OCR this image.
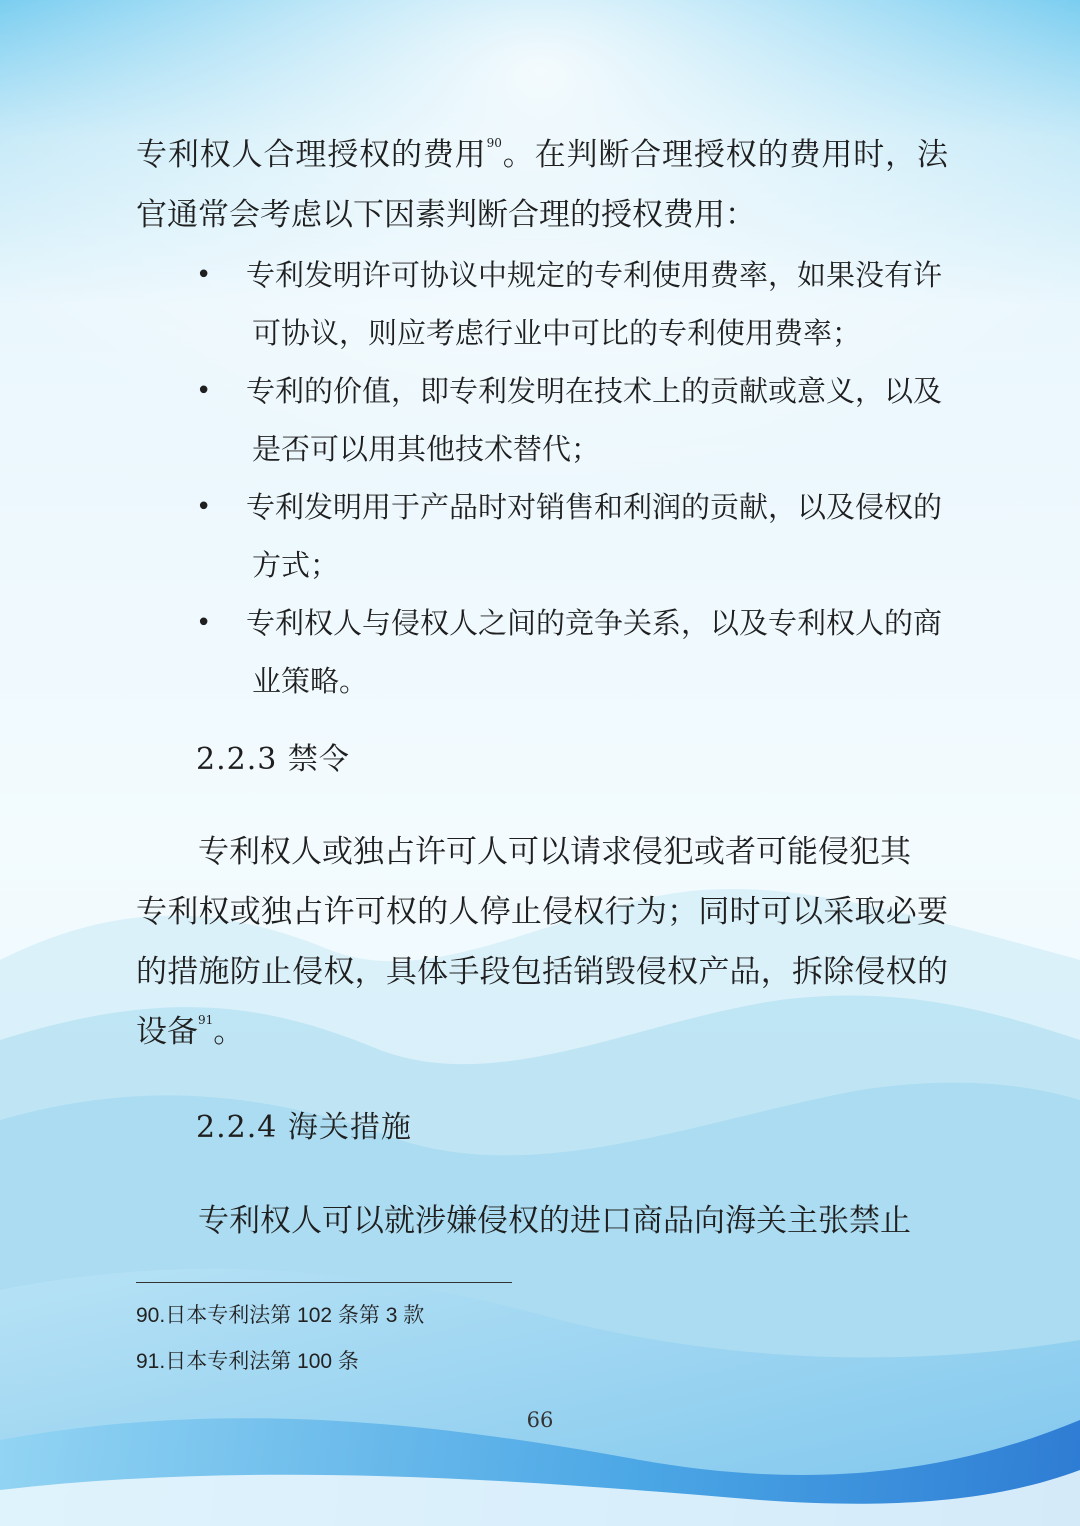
专利权人合理授权的费用$^{90}$。在判断合理授权的费用时，法
官通常会考虑以下因素判断合理的授权费用：

• 专利发明许可协议中规定的专利使用费率，如果没有许
可协议，则应考虑行业中可比的专利使用费率；
• 专利的价值，即专利发明在技术上的贡献或意义，以及
是否可以用其他技术替代；
• 专利发明用于产品时对销售和利润的贡献，以及侵权的
方式；
• 专利权人与侵权人之间的竞争关系，以及专利权人的商
业策略。
2.2.3 禁令

专利权人或独占许可人可以请求侵犯或者可能侵犯其
专利权或独占许可权的人停止侵权行为；同时可以采取必要
的措施防止侵权，具体手段包括销毁侵权产品，拆除侵权的
设备$^{91}$。

2.2.4 海关措施

专利权人可以就涉嫌侵权的进口商品向海关主张禁止

90.日本专利法第 102 条第 3 款
91.日本专利法第 100 条
66
